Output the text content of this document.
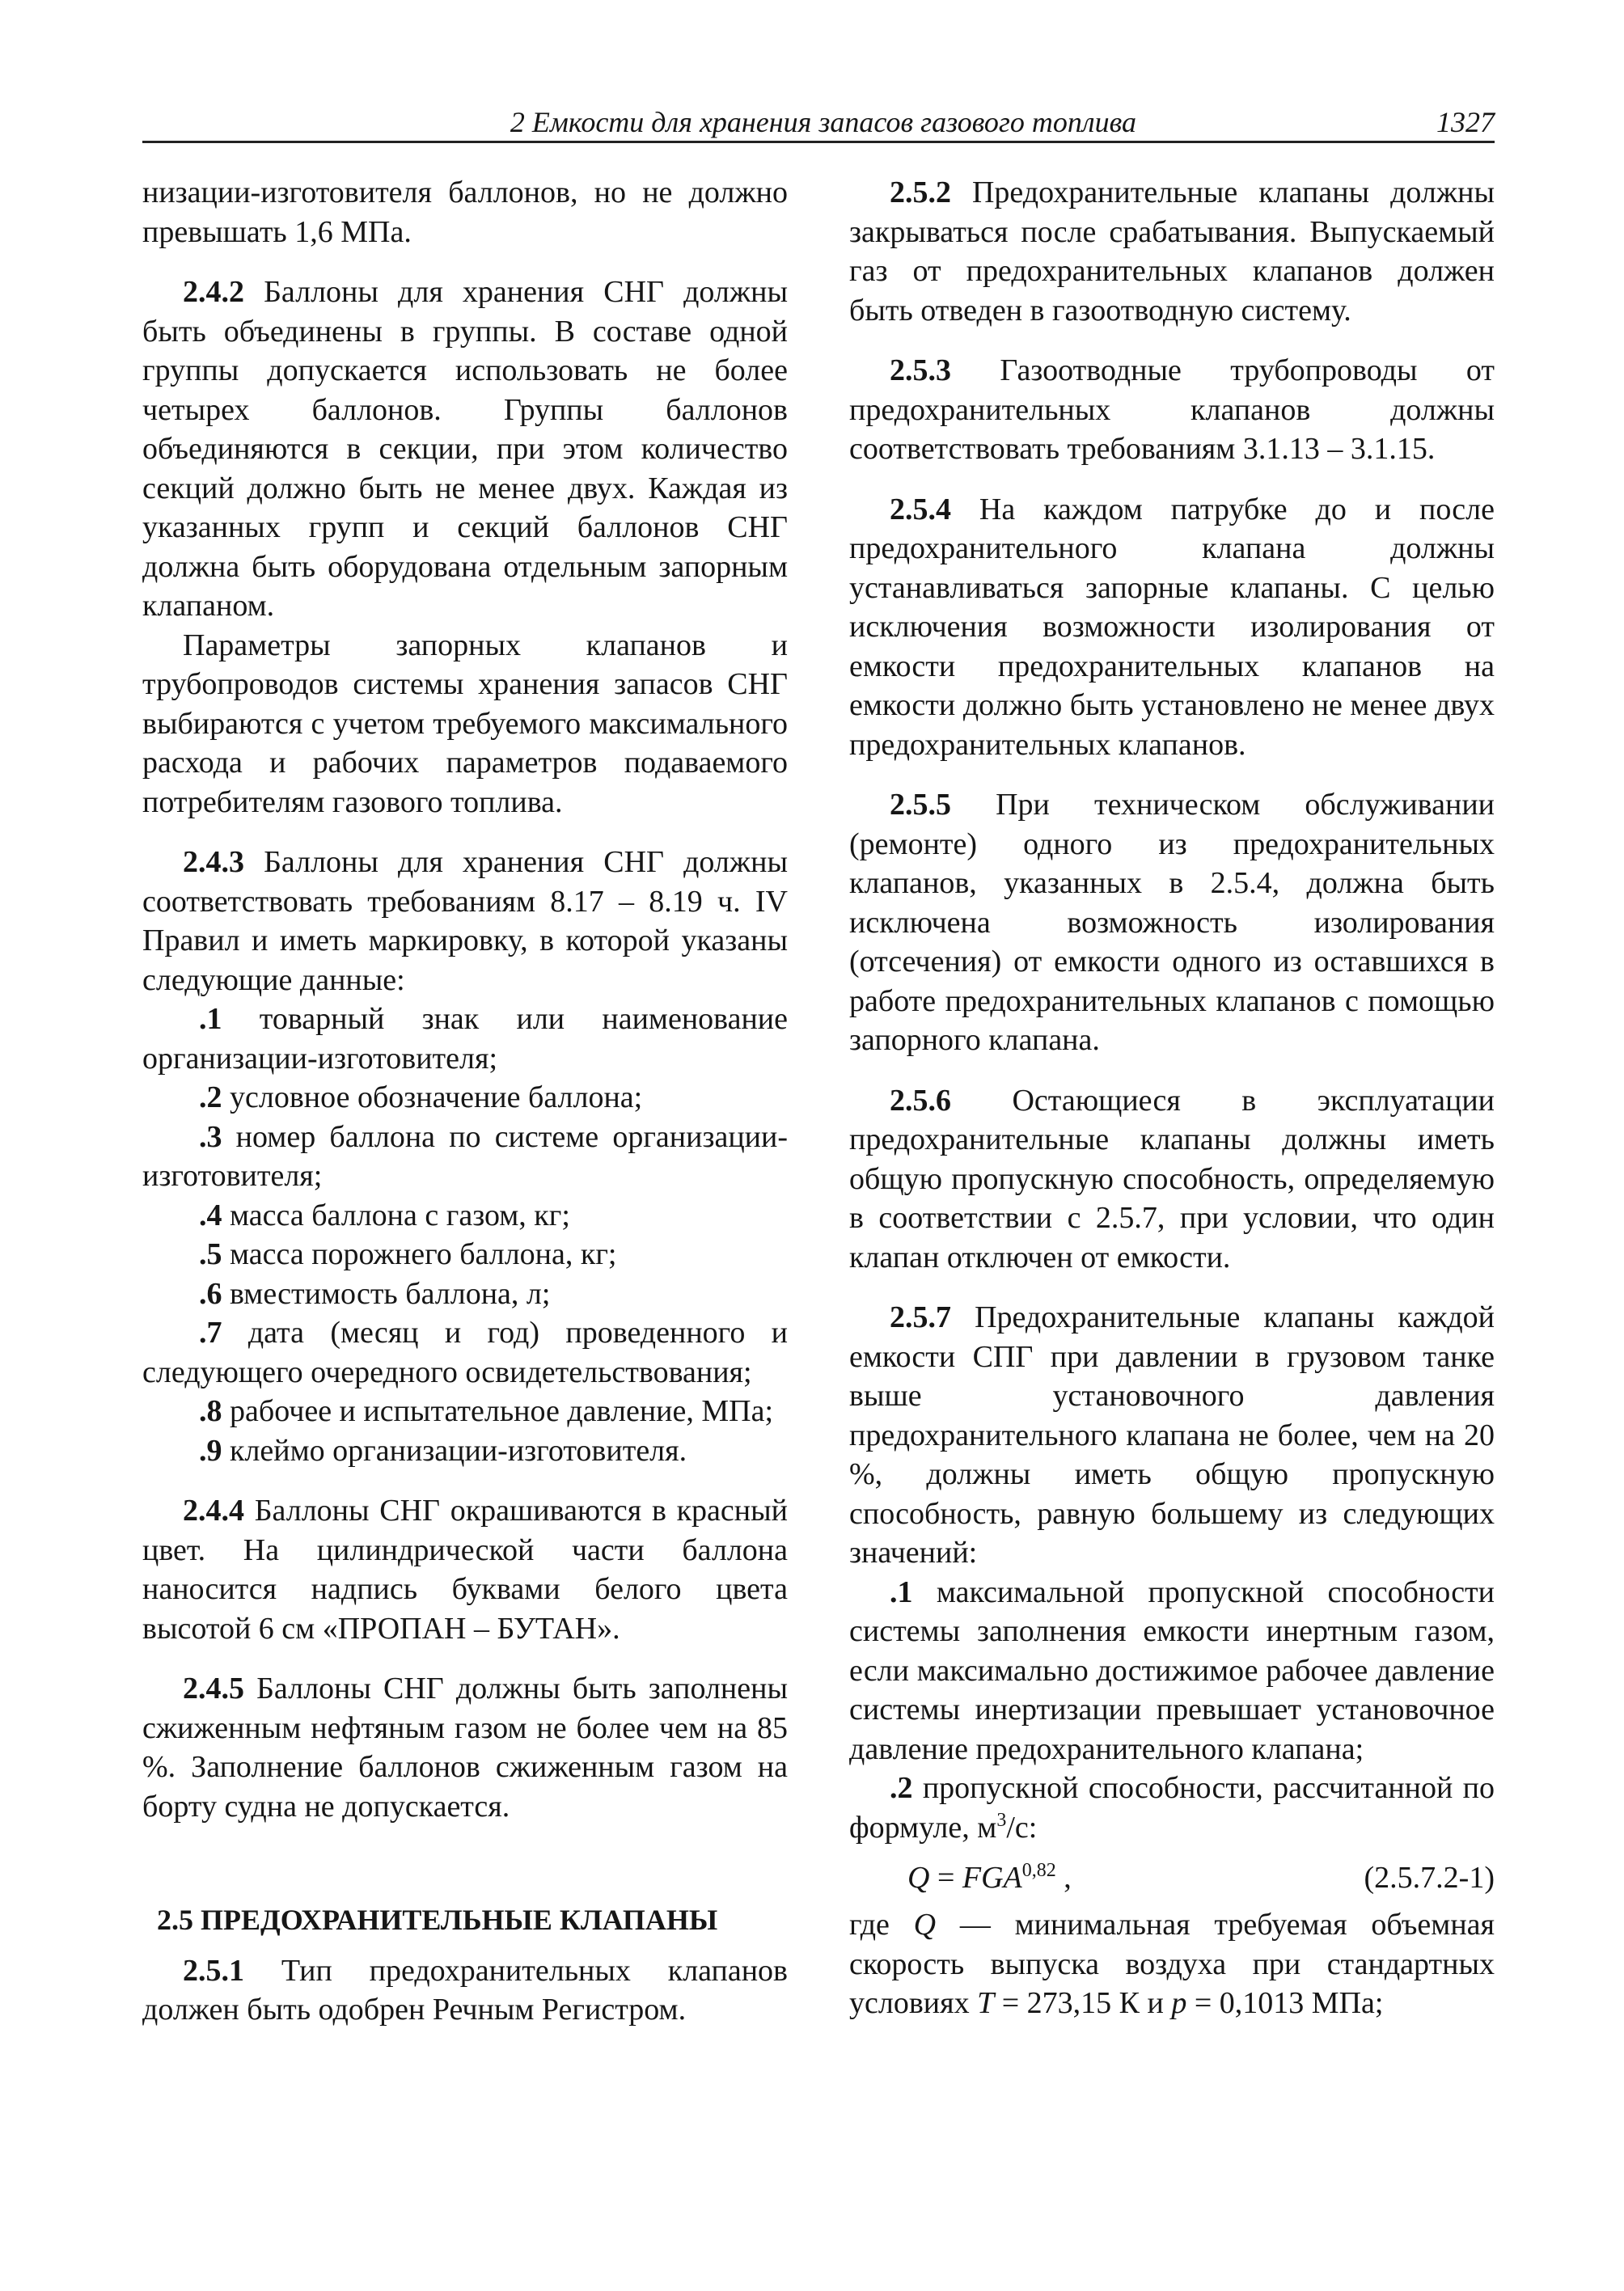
2 Емкости для хранения запасов газового топлива	1327

низации-изготовителя баллонов, но не должно превышать 1,6 МПа.

2.4.2 Баллоны для хранения СНГ должны быть объединены в группы. В составе одной группы допускается использовать не более четырех баллонов. Группы баллонов объединяются в секции, при этом количество секций должно быть не менее двух. Каждая из указанных групп и секций баллонов СНГ должна быть оборудована отдельным запорным клапаном.

Параметры запорных клапанов и трубопроводов системы хранения запасов СНГ выбираются с учетом требуемого максимального расхода и рабочих параметров подаваемого потребителям газового топлива.

2.4.3 Баллоны для хранения СНГ должны соответствовать требованиям 8.17 – 8.19 ч. IV Правил и иметь маркировку, в которой указаны следующие данные:

.1 товарный знак или наименование организации-изготовителя;

.2 условное обозначение баллона;

.3 номер баллона по системе организации-изготовителя;

.4 масса баллона с газом, кг;

.5 масса порожнего баллона, кг;

.6 вместимость баллона, л;

.7 дата (месяц и год) проведенного и следующего очередного освидетельствования;

.8 рабочее и испытательное давление, МПа;

.9 клеймо организации-изготовителя.

2.4.4 Баллоны СНГ окрашиваются в красный цвет. На цилиндрической части баллона наносится надпись буквами белого цвета высотой 6 см «ПРОПАН – БУТАН».

2.4.5 Баллоны СНГ должны быть заполнены сжиженным нефтяным газом не более чем на 85 %. Заполнение баллонов сжиженным газом на борту судна не допускается.

2.5 ПРЕДОХРАНИТЕЛЬНЫЕ КЛАПАНЫ

2.5.1 Тип предохранительных клапанов должен быть одобрен Речным Регистром.

2.5.2 Предохранительные клапаны должны закрываться после срабатывания. Выпускаемый газ от предохранительных клапанов должен быть отведен в газоотводную систему.

2.5.3 Газоотводные трубопроводы от предохранительных клапанов должны соответствовать требованиям 3.1.13 – 3.1.15.

2.5.4 На каждом патрубке до и после предохранительного клапана должны устанавливаться запорные клапаны. С целью исключения возможности изолирования от емкости предохранительных клапанов на емкости должно быть установлено не менее двух предохранительных клапанов.

2.5.5 При техническом обслуживании (ремонте) одного из предохранительных клапанов, указанных в 2.5.4, должна быть исключена возможность изолирования (отсечения) от емкости одного из оставшихся в работе предохранительных клапанов с помощью запорного клапана.

2.5.6 Остающиеся в эксплуатации предохранительные клапаны должны иметь общую пропускную способность, определяемую в соответствии с 2.5.7, при условии, что один клапан отключен от емкости.

2.5.7 Предохранительные клапаны каждой емкости СПГ при давлении в грузовом танке выше установочного давления предохранительного клапана не более, чем на 20 %, должны иметь общую пропускную способность, равную большему из следующих значений:

.1 максимальной пропускной способности системы заполнения емкости инертным газом, если максимально достижимое рабочее давление системы инертизации превышает установочное давление предохранительного клапана;

.2 пропускной способности, рассчитанной по формуле, $м^3/с$:

Q = FGA$^{0,82}$ ,	(2.5.7.2-1)

где Q — минимальная требуемая объемная скорость выпуска воздуха при стандартных условиях T = 273,15 К и p = 0,1013 МПа;
